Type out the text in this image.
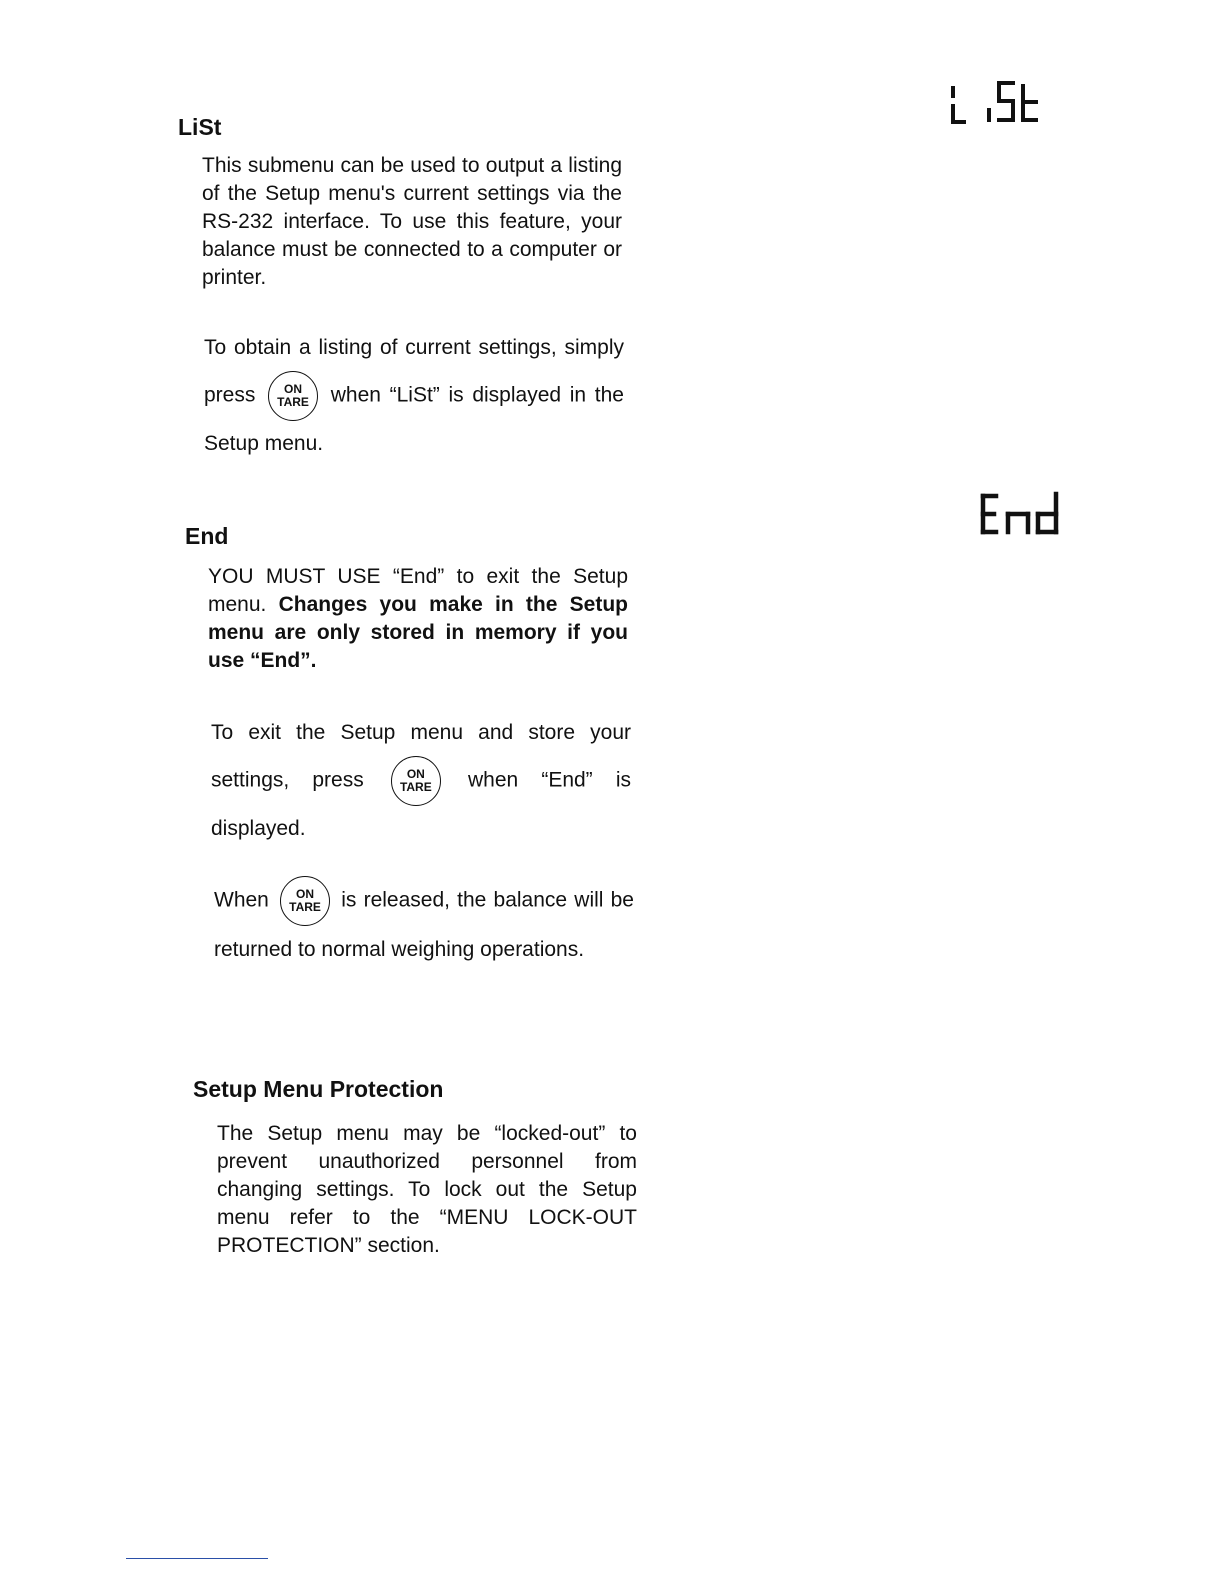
LiSt

This submenu can be used to output a listing of the Setup menu's current settings via the RS-232 interface. To use this feature, your balance must be connected to a computer or printer.

To obtain a listing of current settings, simply press ON
TARE when “LiSt” is displayed in the Setup menu.

End

YOU MUST USE “End” to exit the Setup menu. Changes you make in the Setup menu are only stored in memory if you use “End”.

To exit the Setup menu and store your settings, press	ON
TARE when “End” is displayed.

When ON
TARE is released, the balance will be returned to normal weighing operations.

Setup Menu Protection

The Setup menu may be “locked-out” to prevent unauthorized personnel from changing settings. To lock out the Setup menu refer to the “MENU LOCK-OUT PROTECTION” section.
